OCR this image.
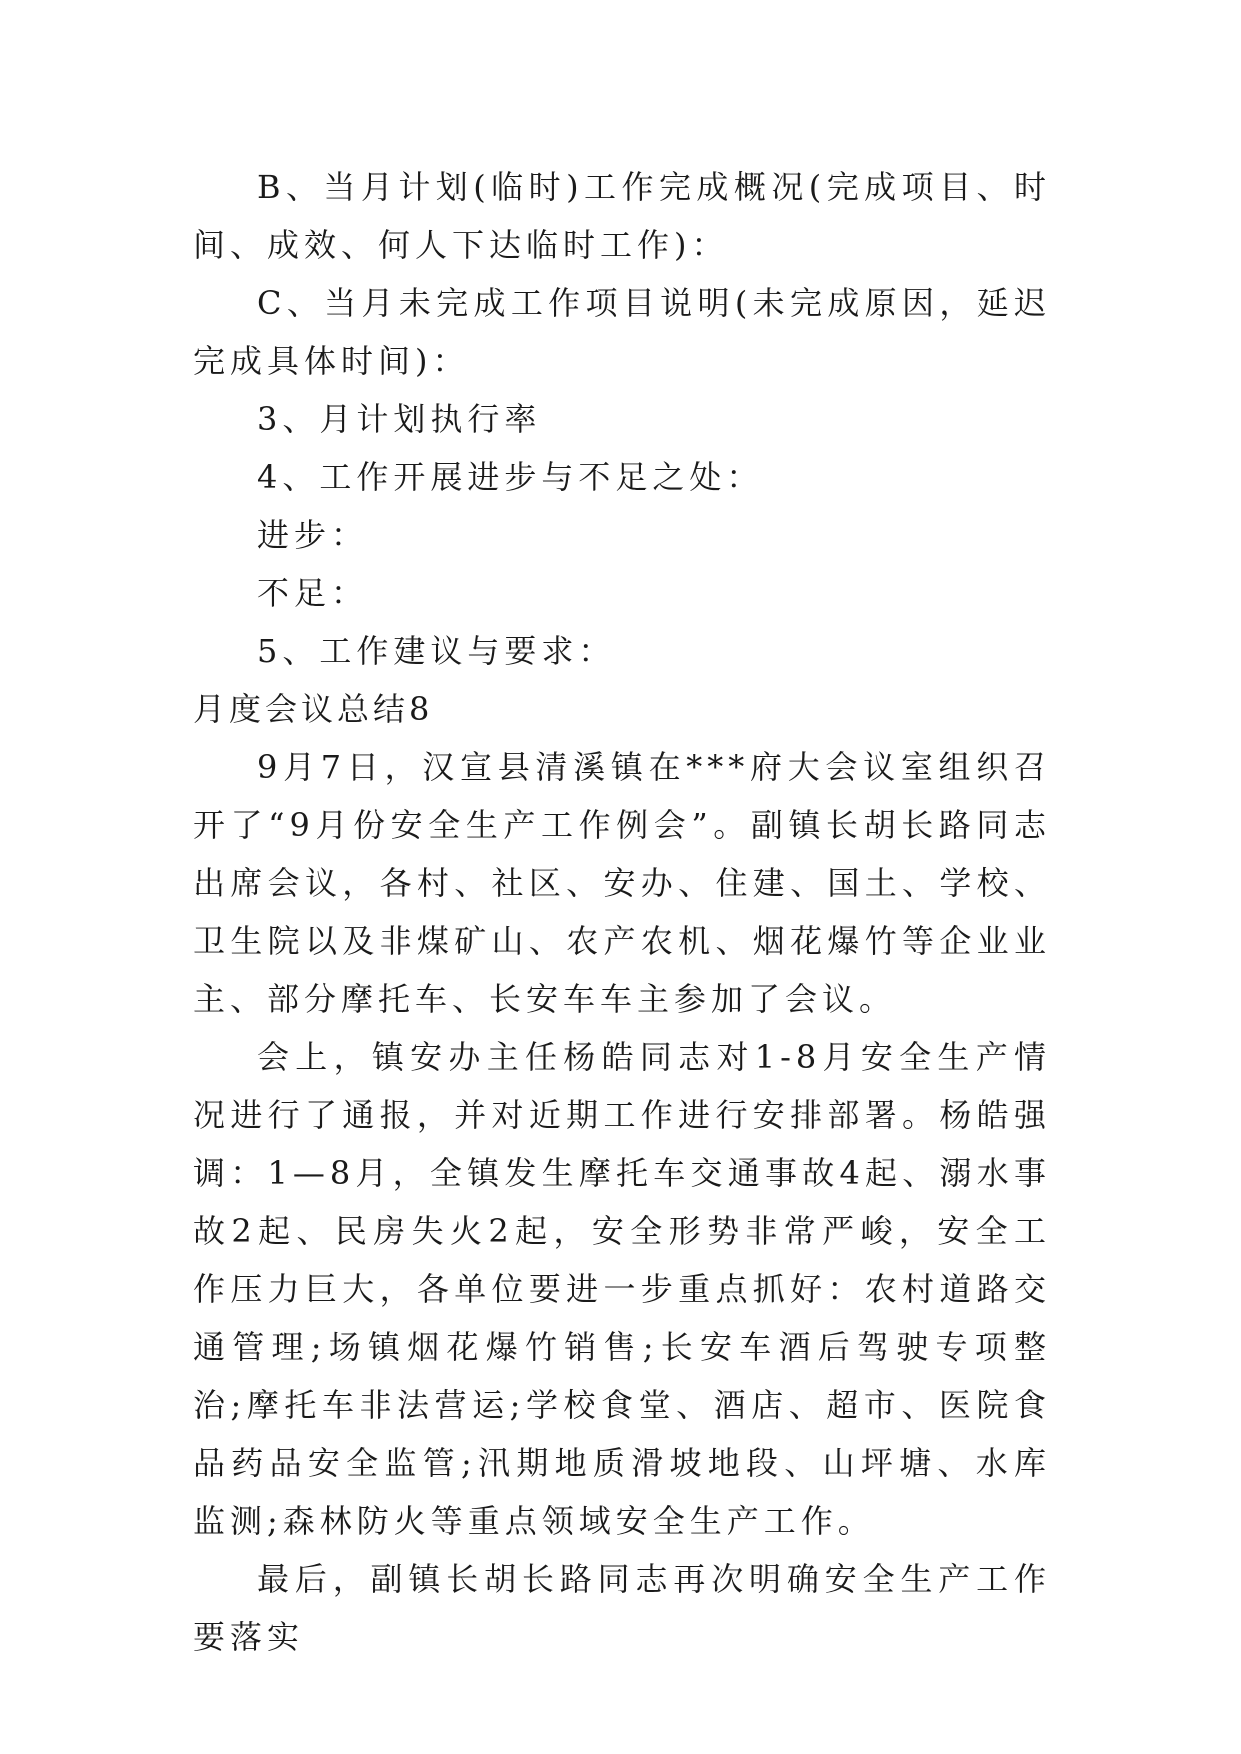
B、当月计划(临时)工作完成概况(完成项目、时间、成效、何人下达临时工作)：

C、当月未完成工作项目说明(未完成原因，延迟完成具体时间)：

3、月计划执行率

4、工作开展进步与不足之处：

进步：

不足：

5、工作建议与要求：

月度会议总结8

9月7日，汉宣县清溪镇在***府大会议室组织召开了“9月份安全生产工作例会”。副镇长胡长路同志出席会议，各村、社区、安办、住建、国土、学校、卫生院以及非煤矿山、农产农机、烟花爆竹等企业业主、部分摩托车、长安车车主参加了会议。

会上，镇安办主任杨皓同志对1-8月安全生产情况进行了通报，并对近期工作进行安排部署。杨皓强调：1—8月，全镇发生摩托车交通事故4起、溺水事故2起、民房失火2起，安全形势非常严峻，安全工作压力巨大，各单位要进一步重点抓好：农村道路交通管理;场镇烟花爆竹销售;长安车酒后驾驶专项整治;摩托车非法营运;学校食堂、酒店、超市、医院食品药品安全监管;汛期地质滑坡地段、山坪塘、水库监测;森林防火等重点领域安全生产工作。

最后，副镇长胡长路同志再次明确安全生产工作要落实
